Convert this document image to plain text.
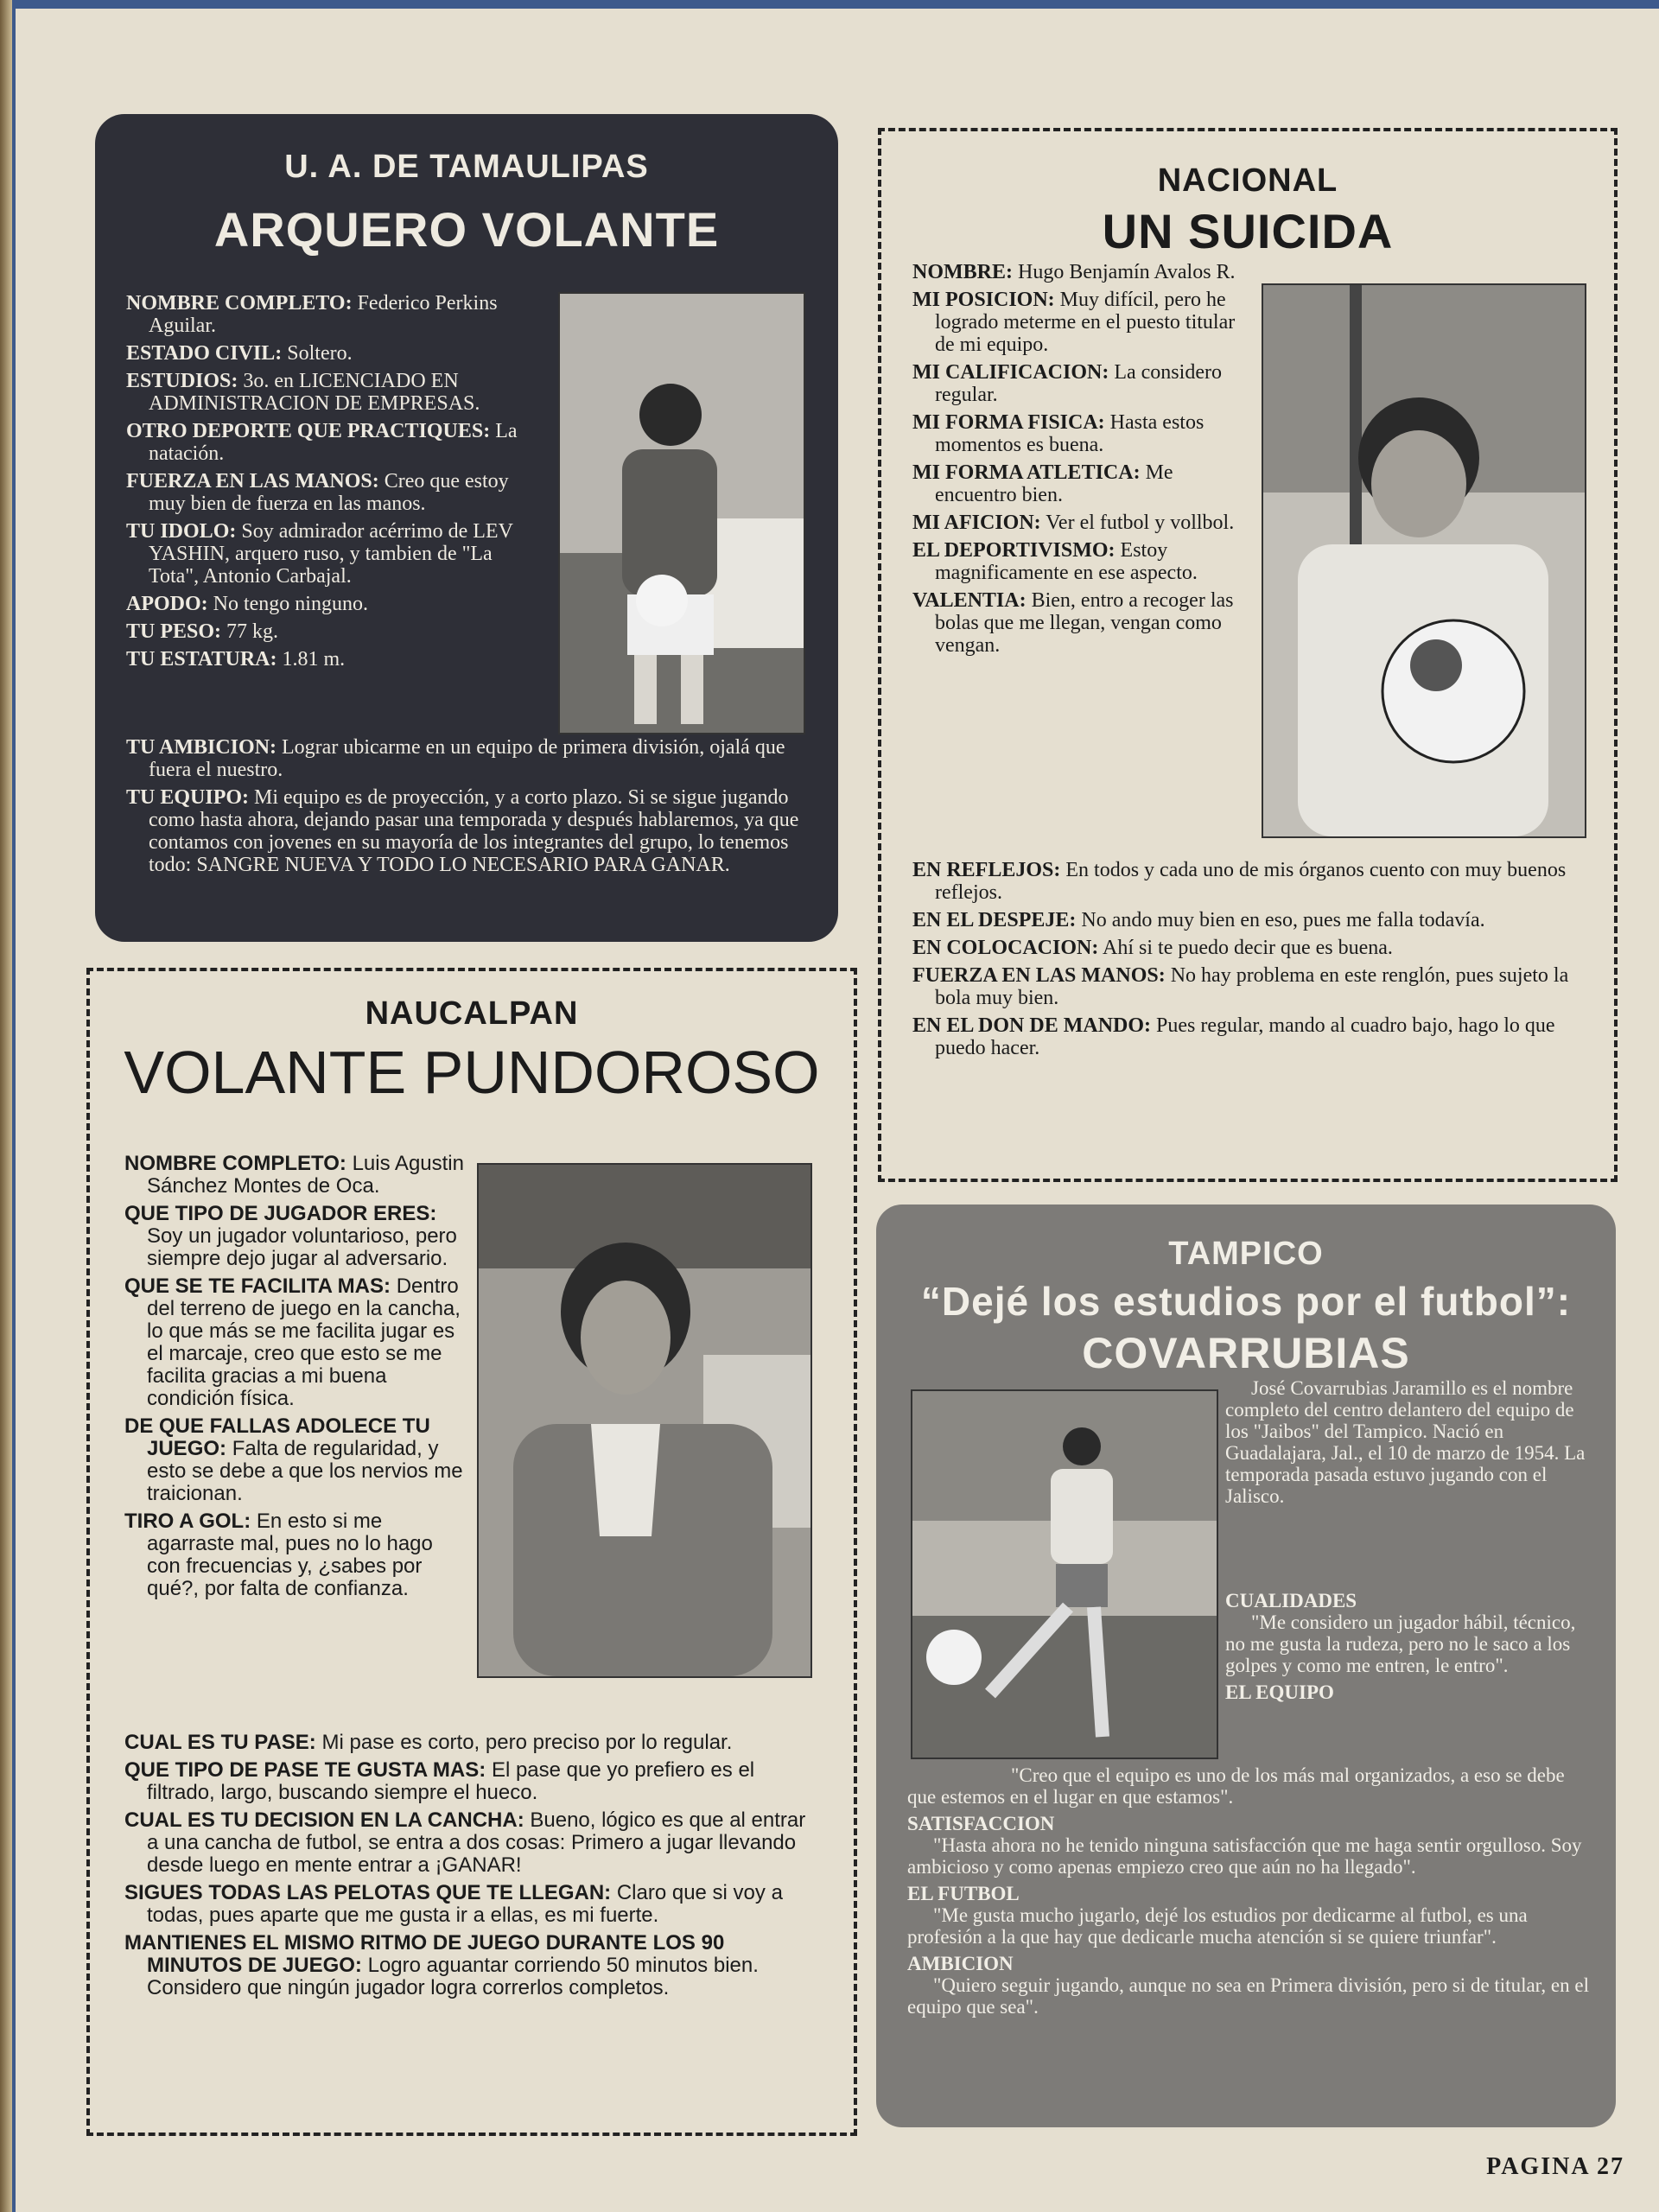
U. A. DE TAMAULIPAS
ARQUERO VOLANTE

NOMBRE COMPLETO: Federico Perkins Aguilar.

ESTADO CIVIL: Soltero.

ESTUDIOS: 3o. en LICENCIADO EN ADMINISTRACION DE EMPRESAS.

OTRO DEPORTE QUE PRACTIQUES: La natación.

FUERZA EN LAS MANOS: Creo que estoy muy bien de fuerza en las manos.

TU IDOLO: Soy admirador acérrimo de LEV YASHIN, arquero ruso, y tambien de "La Tota", Antonio Carbajal.

APODO: No tengo ninguno.

TU PESO: 77 kg.

TU ESTATURA: 1.81 m.

TU AMBICION: Lograr ubicarme en un equipo de primera división, ojalá que fuera el nuestro.

TU EQUIPO: Mi equipo es de proyección, y a corto plazo. Si se sigue jugando como hasta ahora, dejando pasar una temporada y después hablaremos, ya que contamos con jovenes en su mayoría de los integrantes del grupo, lo tenemos todo: SANGRE NUEVA Y TODO LO NECESARIO PARA GANAR.

NACIONAL
UN SUICIDA

NOMBRE: Hugo Benjamín Avalos R.

MI POSICION: Muy difícil, pero he logrado meterme en el puesto titular de mi equipo.

MI CALIFICACION: La considero regular.

MI FORMA FISICA: Hasta estos momentos es buena.

MI FORMA ATLETICA: Me encuentro bien.

MI AFICION: Ver el futbol y vollbol.

EL DEPORTIVISMO: Estoy magnificamente en ese aspecto.

VALENTIA: Bien, entro a recoger las bolas que me llegan, vengan como vengan.

EN REFLEJOS: En todos y cada uno de mis órganos cuento con muy buenos reflejos.

EN EL DESPEJE: No ando muy bien en eso, pues me falla todavía.

EN COLOCACION: Ahí si te puedo decir que es buena.

FUERZA EN LAS MANOS: No hay problema en este renglón, pues sujeto la bola muy bien.

EN EL DON DE MANDO: Pues regular, mando al cuadro bajo, hago lo que puedo hacer.

NAUCALPAN
VOLANTE PUNDOROSO

NOMBRE COMPLETO: Luis Agustin Sánchez Montes de Oca.

QUE TIPO DE JUGADOR ERES: Soy un jugador voluntarioso, pero siempre dejo jugar al adversario.

QUE SE TE FACILITA MAS: Dentro del terreno de juego en la cancha, lo que más se me facilita jugar es el marcaje, creo que esto se me facilita gracias a mi buena condición física.

DE QUE FALLAS ADOLECE TU JUEGO: Falta de regularidad, y esto se debe a que los nervios me traicionan.

TIRO A GOL: En esto si me agarraste mal, pues no lo hago con frecuencias y, ¿sabes por qué?, por falta de confianza.

CUAL ES TU PASE: Mi pase es corto, pero preciso por lo regular.

QUE TIPO DE PASE TE GUSTA MAS: El pase que yo prefiero es el filtrado, largo, buscando siempre el hueco.

CUAL ES TU DECISION EN LA CANCHA: Bueno, lógico es que al entrar a una cancha de futbol, se entra a dos cosas: Primero a jugar llevando desde luego en mente entrar a ¡GANAR!

SIGUES TODAS LAS PELOTAS QUE TE LLEGAN: Claro que si voy a todas, pues aparte que me gusta ir a ellas, es mi fuerte.

MANTIENES EL MISMO RITMO DE JUEGO DURANTE LOS 90 MINUTOS DE JUEGO: Logro aguantar corriendo 50 minutos bien. Considero que ningún jugador logra correrlos completos.

TAMPICO
“Dejé los estudios por el futbol”:
COVARRUBIAS

José Covarrubias Jaramillo es el nombre completo del centro delantero del equipo de los "Jaibos" del Tampico. Nació en Guadalajara, Jal., el 10 de marzo de 1954. La temporada pasada estuvo jugando con el Jalisco.

CUALIDADES

"Me considero un jugador hábil, técnico, no me gusta la rudeza, pero no le saco a los golpes y como me entren, le entro".

EL EQUIPO

"Creo que el equipo es uno de los más mal organizados, a eso se debe que estemos en el lugar en que estamos".

SATISFACCION

"Hasta ahora no he tenido ninguna satisfacción que me haga sentir orgulloso. Soy ambicioso y como apenas empiezo creo que aún no ha llegado".

EL FUTBOL

"Me gusta mucho jugarlo, dejé los estudios por dedicarme al futbol, es una profesión a la que hay que dedicarle mucha atención si se quiere triunfar".

AMBICION

"Quiero seguir jugando, aunque no sea en Primera división, pero si de titular, en el equipo que sea".

PAGINA 27
